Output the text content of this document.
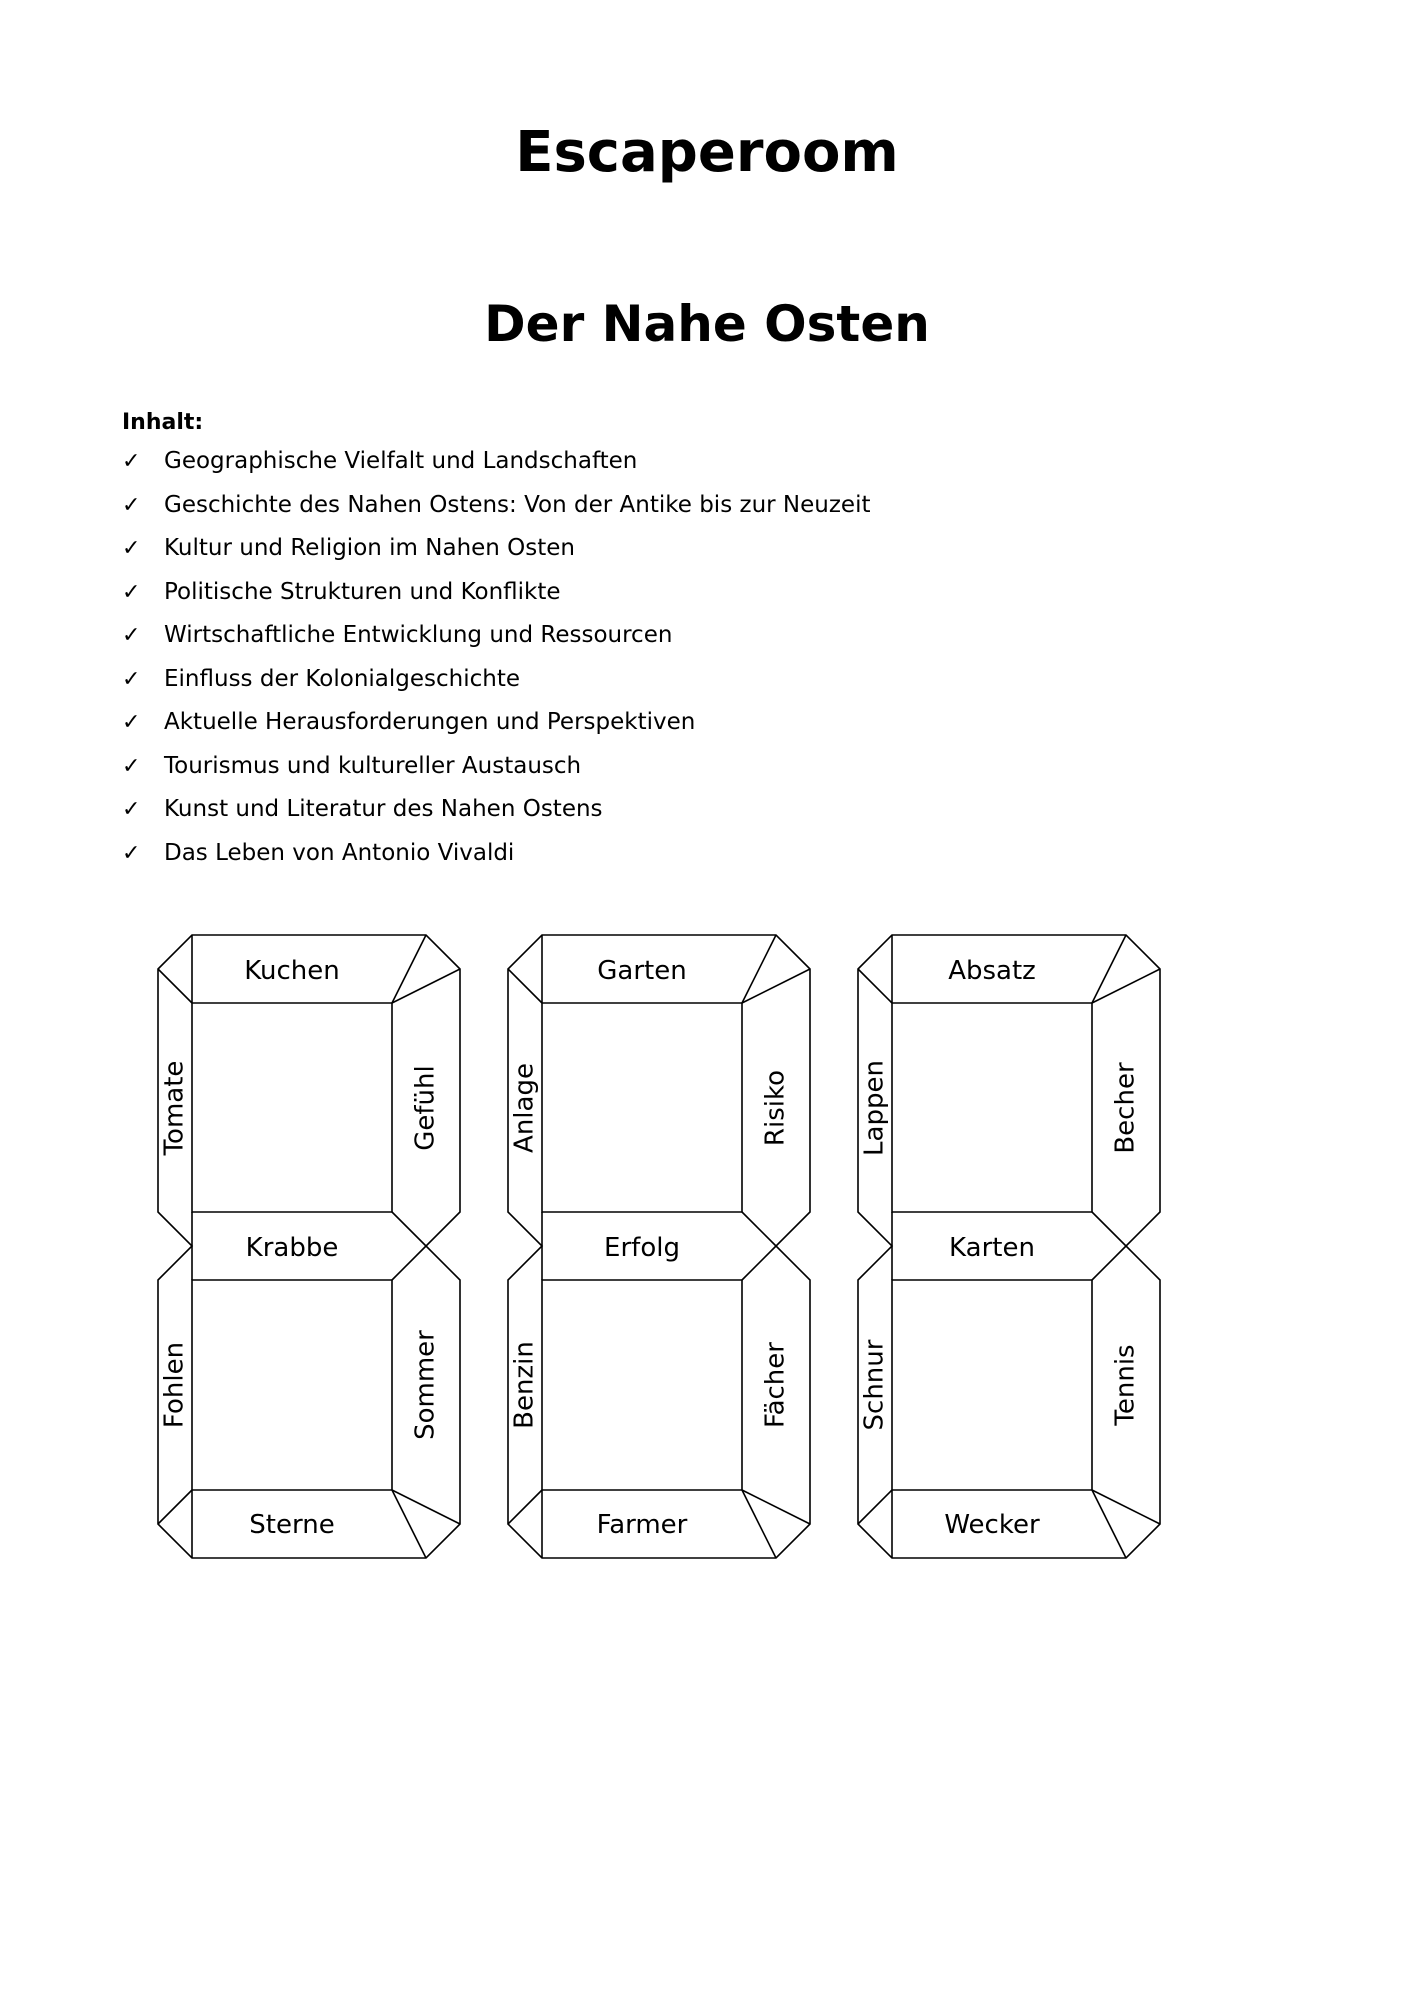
Escaperoom
Der Nahe Osten
Inhalt:
✓ Geographische Vielfalt und Landschaften
✓ Geschichte des Nahen Ostens: Von der Antike bis zur Neuzeit
✓ Kultur und Religion im Nahen Osten
✓ Politische Strukturen und Konflikte
✓ Wirtschaftliche Entwicklung und Ressourcen
✓ Einfluss der Kolonialgeschichte
✓ Aktuelle Herausforderungen und Perspektiven
✓ Tourismus und kultureller Austausch
✓ Kunst und Literatur des Nahen Ostens
✓ Das Leben von Antonio Vivaldi
Kuchen
Krabbe
Sterne
Tomate	Gefühl
Fohlen	Sommer
Garten
Erfolg
Farmer
Anlage	Risiko
Benzin	Fächer
Absatz
Karten
Wecker
Lappen	Becher
Schnur	Tennis
